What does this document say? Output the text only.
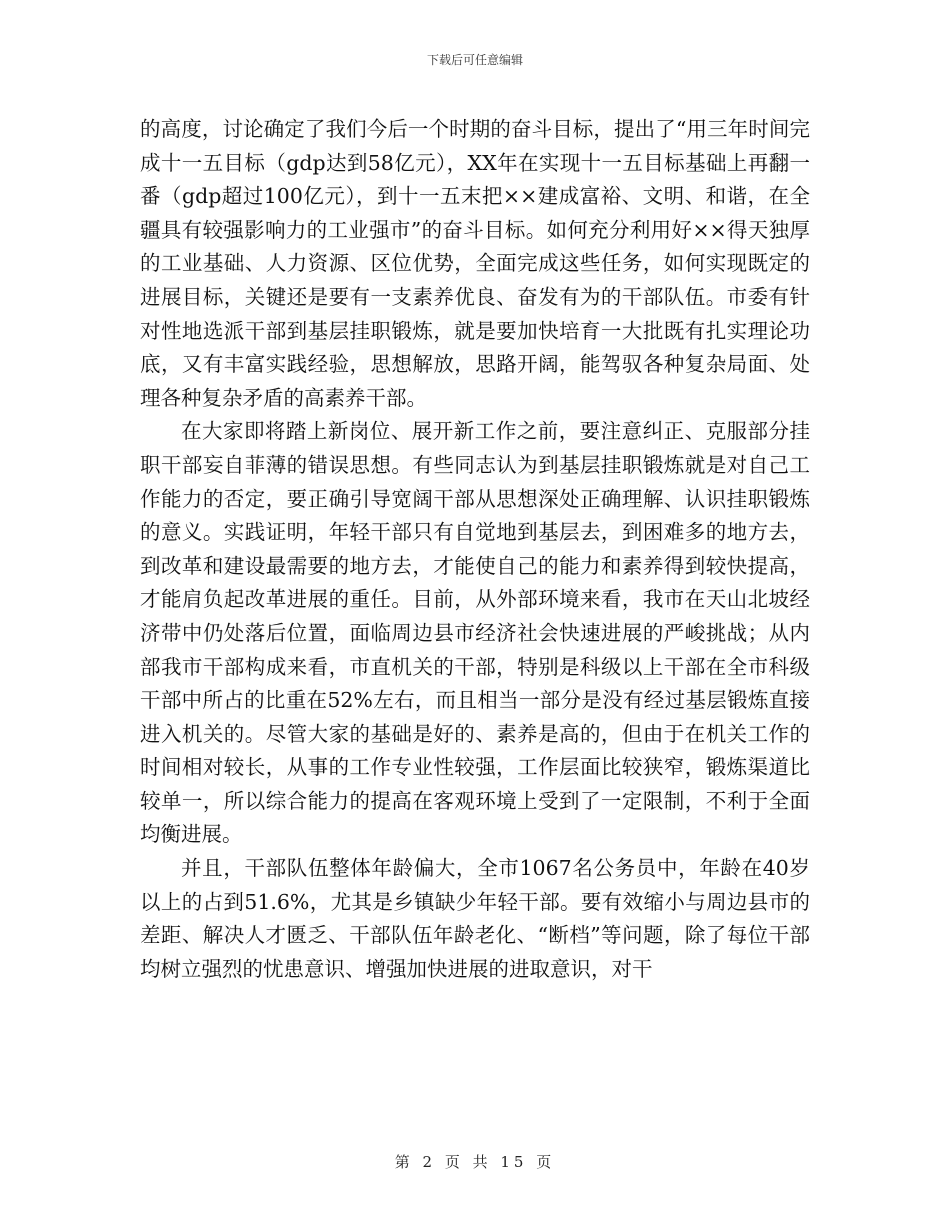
下载后可任意编辑

的高度，讨论确定了我们今后一个时期的奋斗目标，提出了“用三年时间完成十一五目标（gdp达到58亿元），XX年在实现十一五目标基础上再翻一番（gdp超过100亿元），到十一五末把××建成富裕、文明、和谐，在全疆具有较强影响力的工业强市”的奋斗目标。如何充分利用好××得天独厚的工业基础、人力资源、区位优势，全面完成这些任务，如何实现既定的进展目标，关键还是要有一支素养优良、奋发有为的干部队伍。市委有针对性地选派干部到基层挂职锻炼，就是要加快培育一大批既有扎实理论功底，又有丰富实践经验，思想解放，思路开阔，能驾驭各种复杂局面、处理各种复杂矛盾的高素养干部。

在大家即将踏上新岗位、展开新工作之前，要注意纠正、克服部分挂职干部妄自菲薄的错误思想。有些同志认为到基层挂职锻炼就是对自己工作能力的否定，要正确引导宽阔干部从思想深处正确理解、认识挂职锻炼的意义。实践证明，年轻干部只有自觉地到基层去，到困难多的地方去，到改革和建设最需要的地方去，才能使自己的能力和素养得到较快提高，才能肩负起改革进展的重任。目前，从外部环境来看，我市在天山北坡经济带中仍处落后位置，面临周边县市经济社会快速进展的严峻挑战；从内部我市干部构成来看，市直机关的干部，特别是科级以上干部在全市科级干部中所占的比重在52%左右，而且相当一部分是没有经过基层锻炼直接进入机关的。尽管大家的基础是好的、素养是高的，但由于在机关工作的时间相对较长，从事的工作专业性较强，工作层面比较狭窄，锻炼渠道比较单一，所以综合能力的提高在客观环境上受到了一定限制，不利于全面均衡进展。

并且，干部队伍整体年龄偏大，全市1067名公务员中，年龄在40岁以上的占到51.6%，尤其是乡镇缺少年轻干部。要有效缩小与周边县市的差距、解决人才匮乏、干部队伍年龄老化、“断档”等问题，除了每位干部均树立强烈的忧患意识、增强加快进展的进取意识，对干

第 2 页 共 15 页
